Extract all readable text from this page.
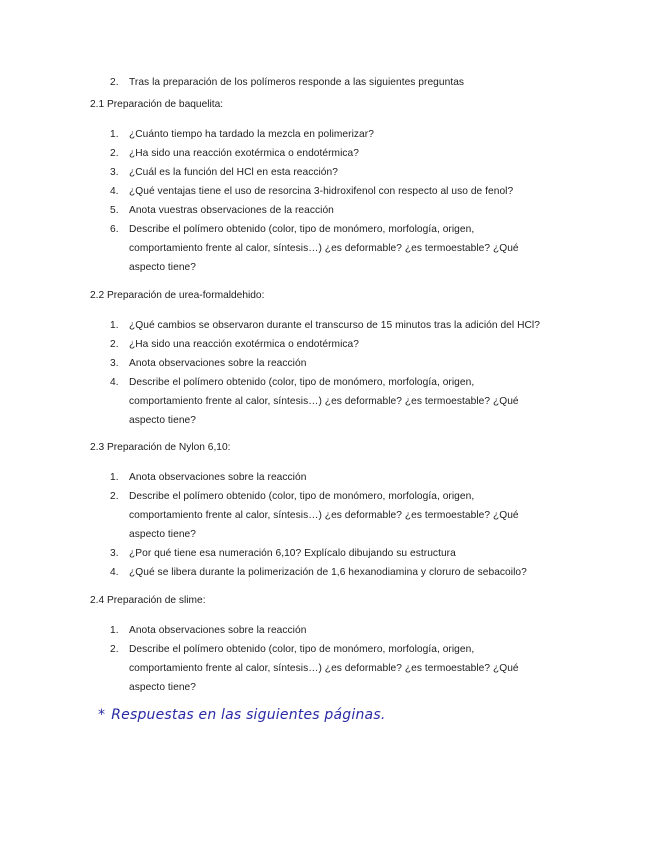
2.	Tras la preparación de los polímeros responde a las siguientes preguntas
2.1 Preparación de baquelita:
1.	¿Cuánto tiempo ha tardado la mezcla en polimerizar?
2.	¿Ha sido una reacción exotérmica o endotérmica?
3.	¿Cuál es la función del HCl en esta reacción?
4.	¿Qué ventajas tiene el uso de resorcina 3-hidroxifenol con respecto al uso de fenol?
5.	Anota vuestras observaciones de la reacción
6.	Describe el polímero obtenido (color, tipo de monómero, morfología, origen,
comportamiento frente al calor, síntesis…) ¿es deformable? ¿es termoestable? ¿Qué
aspecto tiene?
2.2 Preparación de urea-formaldehido:
1.	¿Qué cambios se observaron durante el transcurso de 15 minutos tras la adición del HCl?
2.	¿Ha sido una reacción exotérmica o endotérmica?
3.	Anota observaciones sobre la reacción
4.	Describe el polímero obtenido (color, tipo de monómero, morfología, origen,
comportamiento frente al calor, síntesis…) ¿es deformable? ¿es termoestable? ¿Qué
aspecto tiene?
2.3 Preparación de Nylon 6,10:
1.	Anota observaciones sobre la reacción
2.	Describe el polímero obtenido (color, tipo de monómero, morfología, origen,
comportamiento frente al calor, síntesis…) ¿es deformable? ¿es termoestable? ¿Qué
aspecto tiene?
3.	¿Por qué tiene esa numeración 6,10? Explícalo dibujando su estructura
4.	¿Qué se libera durante la polimerización de 1,6 hexanodiamina y cloruro de sebacoilo?
2.4 Preparación de slime:
1.	Anota observaciones sobre la reacción
2.	Describe el polímero obtenido (color, tipo de monómero, morfología, origen,
comportamiento frente al calor, síntesis…) ¿es deformable? ¿es termoestable? ¿Qué
aspecto tiene?
* Respuestas en las siguientes páginas.
